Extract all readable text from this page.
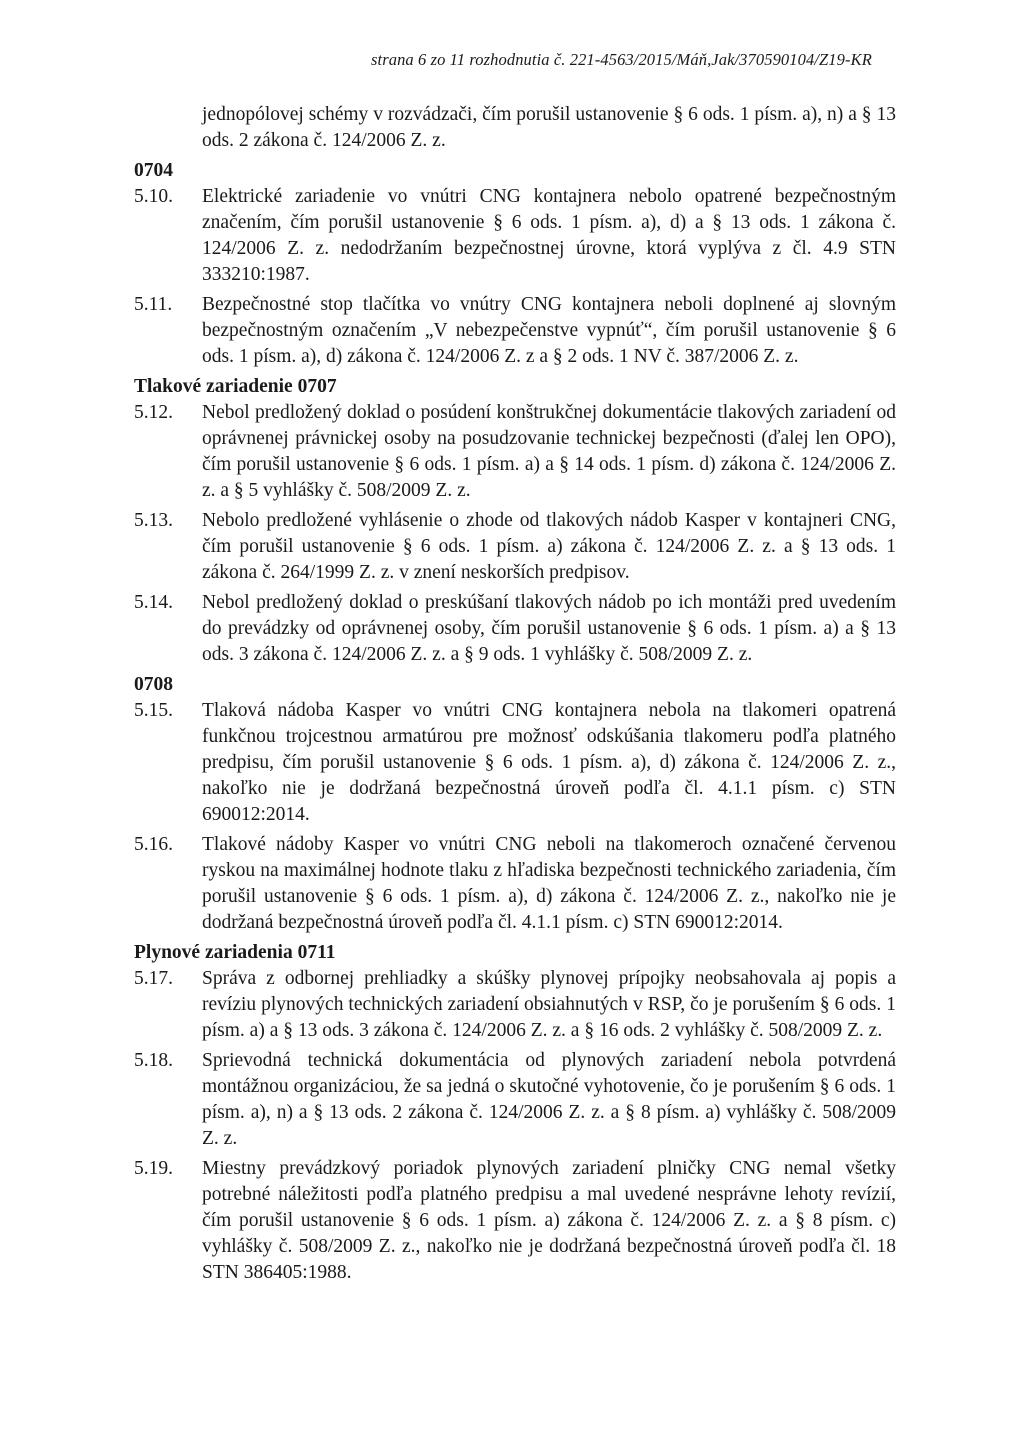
strana 6 zo 11 rozhodnutia č. 221-4563/2015/Máň,Jak/370590104/Z19-KR
jednopólovej schémy v rozvádzači, čím porušil ustanovenie § 6 ods. 1 písm. a), n) a § 13 ods. 2 zákona č. 124/2006 Z. z.
0704
5.10.	Elektrické zariadenie vo vnútri CNG kontajnera nebolo opatrené bezpečnostným značením, čím porušil ustanovenie § 6 ods. 1 písm. a), d) a § 13 ods. 1 zákona č. 124/2006 Z. z. nedodržaním bezpečnostnej úrovne, ktorá vyplýva z čl. 4.9 STN 333210:1987.
5.11.	Bezpečnostné stop tlačítka vo vnútry CNG kontajnera neboli doplnené aj slovným bezpečnostným označením „V nebezpečenstve vypnúť“, čím porušil ustanovenie § 6 ods. 1 písm. a), d) zákona č. 124/2006 Z. z a § 2 ods. 1 NV č. 387/2006 Z. z.
Tlakové zariadenie 0707
5.12.	Nebol predložený doklad o posúdení konštrukčnej dokumentácie tlakových zariadení od oprávnenej právnickej osoby na posudzovanie technickej bezpečnosti (ďalej len OPO), čím porušil ustanovenie § 6 ods. 1 písm. a) a § 14 ods. 1 písm. d) zákona č. 124/2006 Z. z. a § 5 vyhlášky č. 508/2009 Z. z.
5.13.	Nebolo predložené vyhlásenie o zhode od tlakových nádob Kasper v kontajneri CNG, čím porušil ustanovenie § 6 ods. 1 písm. a) zákona č. 124/2006 Z. z. a § 13 ods. 1 zákona č. 264/1999 Z. z. v znení neskorších predpisov.
5.14.	Nebol predložený doklad o preskúšaní tlakových nádob po ich montáži pred uvedením do prevádzky od oprávnenej osoby, čím porušil ustanovenie § 6 ods. 1 písm. a) a § 13 ods. 3 zákona č. 124/2006 Z. z. a § 9 ods. 1 vyhlášky č. 508/2009 Z. z.
0708
5.15.	Tlaková nádoba Kasper vo vnútri CNG kontajnera nebola na tlakomeri opatrená funkčnou trojcestnou armatúrou pre možnosť odskúšania tlakomeru podľa platného predpisu, čím porušil ustanovenie § 6 ods. 1 písm. a), d) zákona č. 124/2006 Z. z., nakoľko nie je dodržaná bezpečnostná úroveň podľa čl. 4.1.1 písm. c) STN 690012:2014.
5.16.	Tlakové nádoby Kasper vo vnútri CNG neboli na tlakomeroch označené červenou ryskou na maximálnej hodnote tlaku z hľadiska bezpečnosti technického zariadenia, čím porušil ustanovenie § 6 ods. 1 písm. a), d) zákona č. 124/2006 Z. z., nakoľko nie je dodržaná bezpečnostná úroveň podľa čl. 4.1.1 písm. c) STN 690012:2014.
Plynové zariadenia 0711
5.17.	Správa z odbornej prehliadky a skúšky plynovej prípojky neobsahovala aj popis a revíziu plynových technických zariadení obsiahnutých v RSP, čo je porušením § 6 ods. 1 písm. a) a § 13 ods. 3 zákona č. 124/2006 Z. z. a § 16 ods. 2 vyhlášky č. 508/2009 Z. z.
5.18.	Sprievodná technická dokumentácia od plynových zariadení nebola potvrdená montážnou organizáciou, že sa jedná o skutočné vyhotovenie, čo je porušením § 6 ods. 1 písm. a), n) a § 13 ods. 2 zákona č. 124/2006 Z. z. a § 8 písm. a) vyhlášky č. 508/2009 Z. z.
5.19.	Miestny prevádzkový poriadok plynových zariadení plničky CNG nemal všetky potrebné náležitosti podľa platného predpisu a mal uvedené nesprávne lehoty revízií, čím porušil ustanovenie § 6 ods. 1 písm. a) zákona č. 124/2006 Z. z. a § 8 písm. c) vyhlášky č. 508/2009 Z. z., nakoľko nie je dodržaná bezpečnostná úroveň podľa čl. 18 STN 386405:1988.
